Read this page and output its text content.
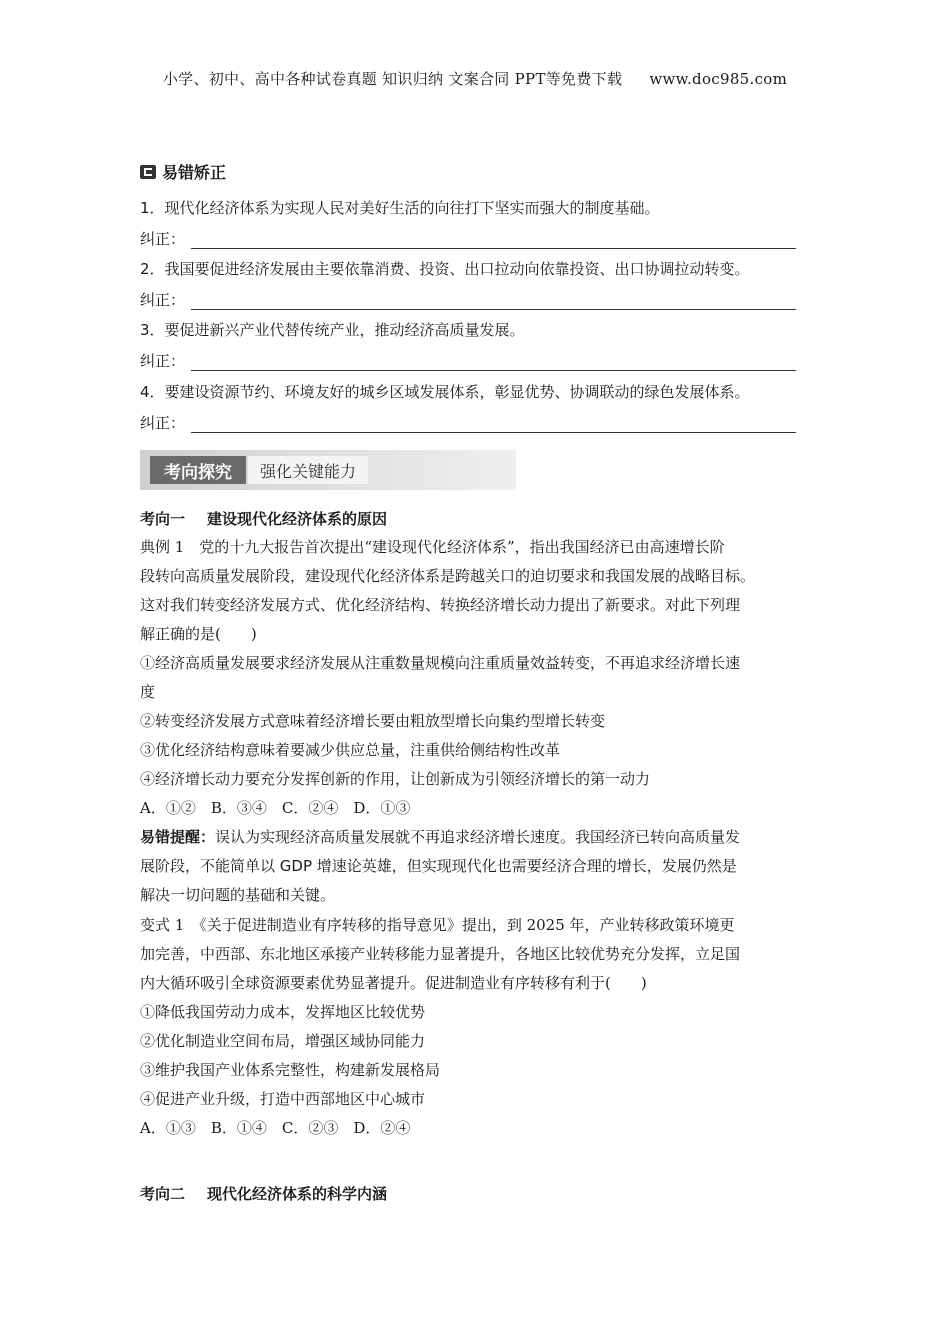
小学、初中、高中各种试卷真题 知识归纳 文案合同 PPT等免费下载 www.doc985.com
易错矫正
1．现代化经济体系为实现人民对美好生活的向往打下坚实而强大的制度基础。
纠正：
2．我国要促进经济发展由主要依靠消费、投资、出口拉动向依靠投资、出口协调拉动转变。
纠正：
3．要促进新兴产业代替传统产业，推动经济高质量发展。
纠正：
4．要建设资源节约、环境友好的城乡区域发展体系，彰显优势、协调联动的绿色发展体系。
纠正：
考向探究	强化关键能力
考向一 建设现代化经济体系的原因
典例 1　党的十九大报告首次提出“建设现代化经济体系”，指出我国经济已由高速增长阶
段转向高质量发展阶段，建设现代化经济体系是跨越关口的迫切要求和我国发展的战略目标。
这对我们转变经济发展方式、优化经济结构、转换经济增长动力提出了新要求。对此下列理
解正确的是(　　)
①经济高质量发展要求经济发展从注重数量规模向注重质量效益转变，不再追求经济增长速
度
②转变经济发展方式意味着经济增长要由粗放型增长向集约型增长转变
③优化经济结构意味着要减少供应总量，注重供给侧结构性改革
④经济增长动力要充分发挥创新的作用，让创新成为引领经济增长的第一动力
A．①②　B．③④　C．②④　D．①③
易错提醒：误认为实现经济高质量发展就不再追求经济增长速度。我国经济已转向高质量发
展阶段，不能简单以 GDP 增速论英雄，但实现现代化也需要经济合理的增长，发展仍然是
解决一切问题的基础和关键。
变式 1　《关于促进制造业有序转移的指导意见》提出，到 2025 年，产业转移政策环境更
加完善，中西部、东北地区承接产业转移能力显著提升，各地区比较优势充分发挥，立足国
内大循环吸引全球资源要素优势显著提升。促进制造业有序转移有利于(　　)
①降低我国劳动力成本，发挥地区比较优势
②优化制造业空间布局，增强区域协同能力
③维护我国产业体系完整性，构建新发展格局
④促进产业升级，打造中西部地区中心城市
A．①③　B．①④　C．②③　D．②④
考向二 现代化经济体系的科学内涵
